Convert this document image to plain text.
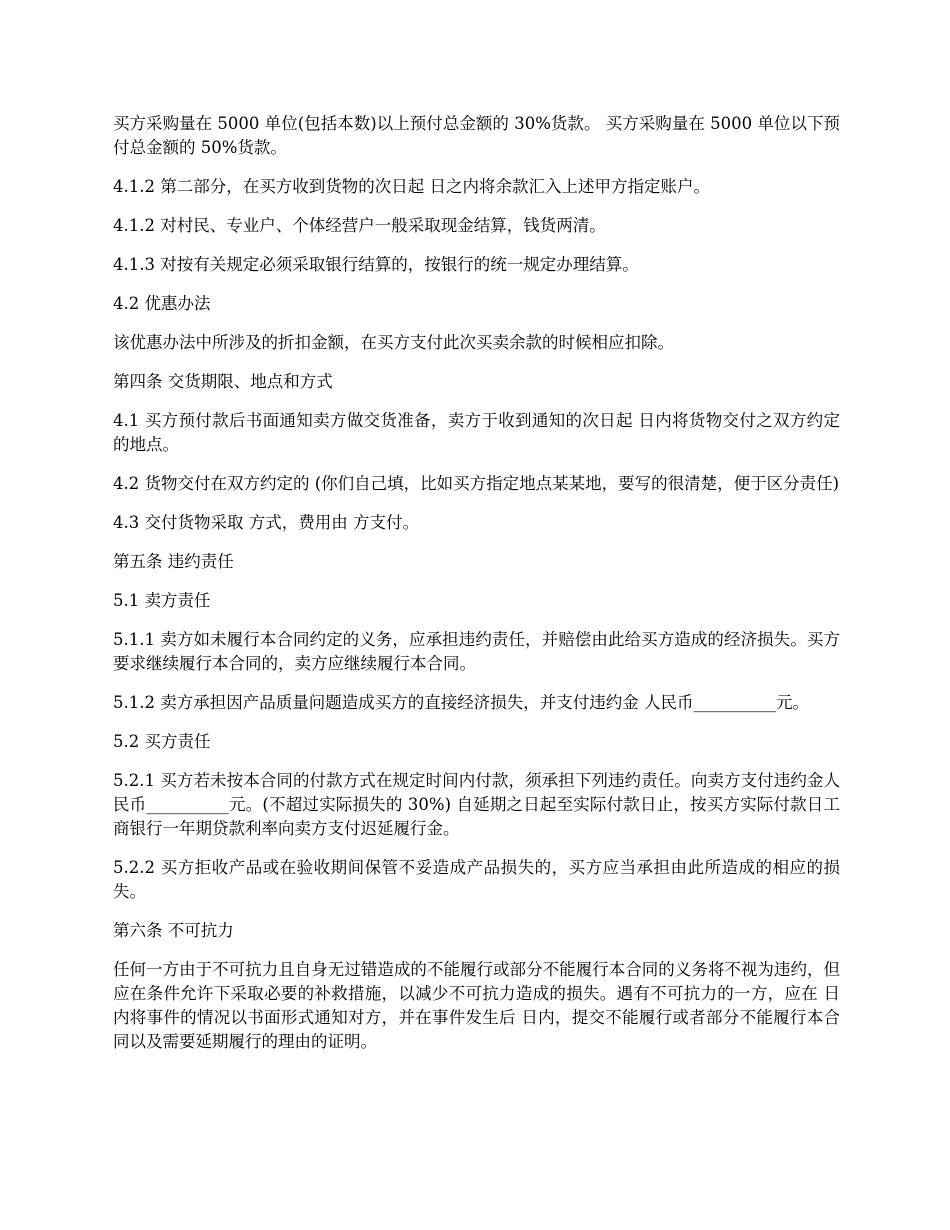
买方采购量在 5000 单位(包括本数)以上预付总金额的 30%货款。 买方采购量在 5000 单位以下预付总金额的 50%货款。

4.1.2 第二部分，在买方收到货物的次日起 日之内将余款汇入上述甲方指定账户。

4.1.2 对村民、专业户、个体经营户一般采取现金结算，钱货两清。

4.1.3 对按有关规定必须采取银行结算的，按银行的统一规定办理结算。

4.2 优惠办法

该优惠办法中所涉及的折扣金额，在买方支付此次买卖余款的时候相应扣除。

第四条 交货期限、地点和方式

4.1 买方预付款后书面通知卖方做交货准备，卖方于收到通知的次日起 日内将货物交付之双方约定的地点。

4.2 货物交付在双方约定的 (你们自己填，比如买方指定地点某某地，要写的很清楚，便于区分责任)

4.3 交付货物采取 方式，费用由 方支付。

第五条 违约责任

5.1 卖方责任

5.1.1 卖方如未履行本合同约定的义务，应承担违约责任，并赔偿由此给买方造成的经济损失。买方要求继续履行本合同的，卖方应继续履行本合同。

5.1.2 卖方承担因产品质量问题造成买方的直接经济损失，并支付违约金 人民币__________元。

5.2 买方责任

5.2.1 买方若未按本合同的付款方式在规定时间内付款，须承担下列违约责任。向卖方支付违约金人民币__________元。(不超过实际损失的 30%) 自延期之日起至实际付款日止，按买方实际付款日工商银行一年期贷款利率向卖方支付迟延履行金。

5.2.2 买方拒收产品或在验收期间保管不妥造成产品损失的，买方应当承担由此所造成的相应的损失。

第六条 不可抗力

任何一方由于不可抗力且自身无过错造成的不能履行或部分不能履行本合同的义务将不视为违约，但应在条件允许下采取必要的补救措施，以减少不可抗力造成的损失。遇有不可抗力的一方，应在 日内将事件的情况以书面形式通知对方，并在事件发生后 日内，提交不能履行或者部分不能履行本合同以及需要延期履行的理由的证明。
